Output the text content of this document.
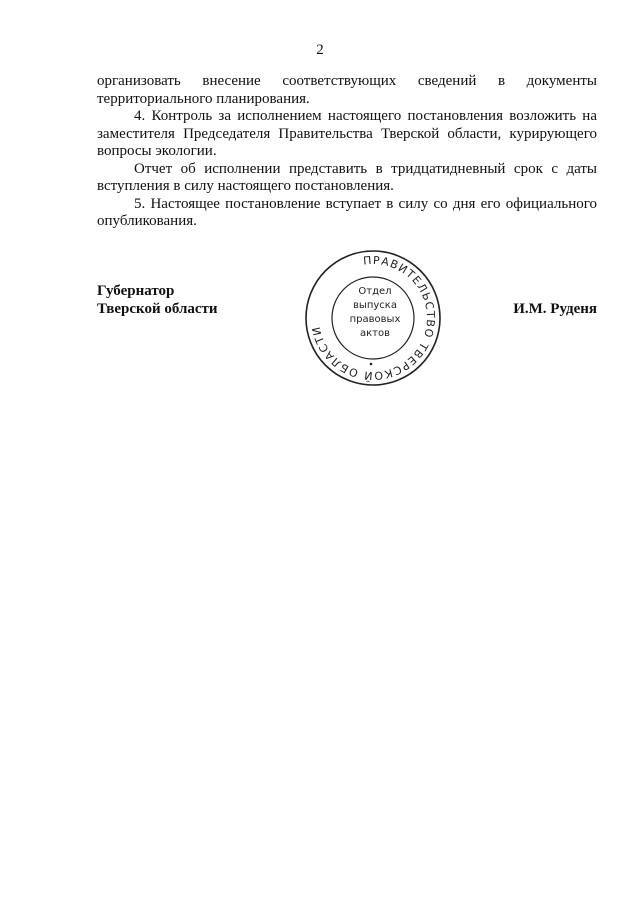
2

организовать внесение соответствующих сведений в документы

территориального планирования.

4. Контроль за исполнением настоящего постановления возложить на заместителя Председателя Правительства Тверской области, курирующего вопросы экологии.

Отчет об исполнении представить в тридцатидневный срок с даты вступления в силу настоящего постановления.

5. Настоящее постановление вступает в силу со дня его официального опубликования.

Губернатор
Тверской области
ПРАВИТЕЛЬСТВО ТВЕРСКОЙ ОБЛАСТИ
Отдел
выпуска
правовых
актов
И.М. Руденя
